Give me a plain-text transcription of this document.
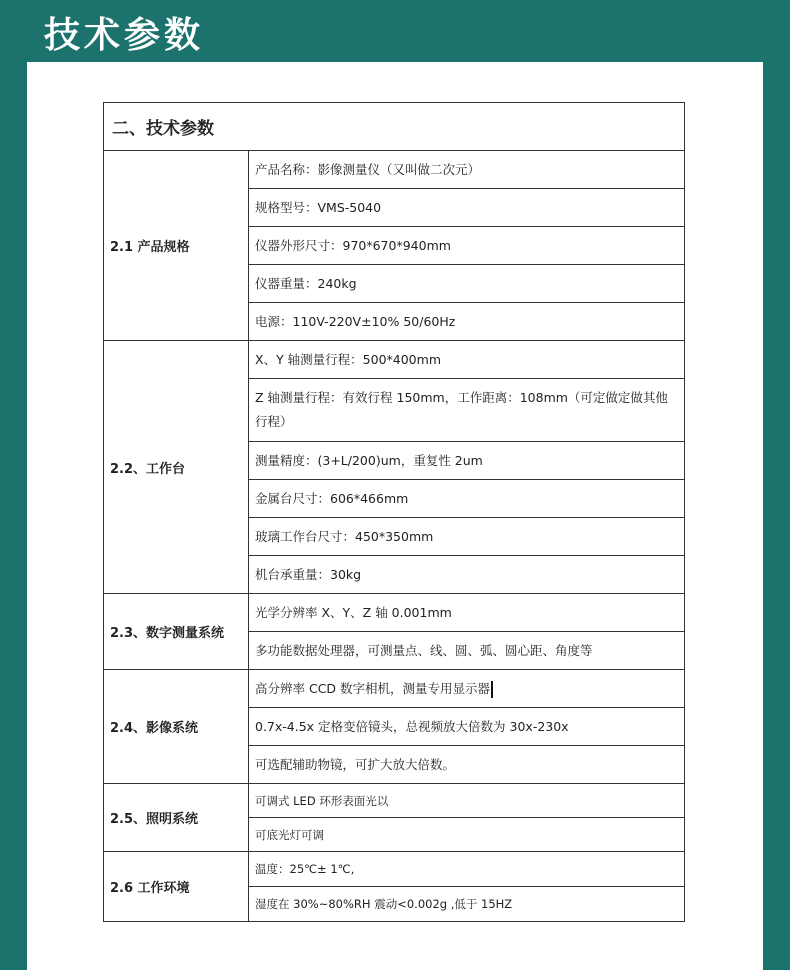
技术参数
二、技术参数	
2.1 产品规格	产品名称：影像测量仪（又叫做二次元）
	规格型号：VMS-5040
	仪器外形尺寸：970*670*940mm
	仪器重量：240kg
	电源：110V-220V±10% 50/60Hz
2.2、工作台	X、Y 轴测量行程：500*400mm
	Z 轴测量行程：有效行程 150mm，工作距离：108mm（可定做定做其他行程）
	测量精度：(3+L/200)um，重复性 2um
	金属台尺寸：606*466mm
	玻璃工作台尺寸：450*350mm
	机台承重量：30kg
2.3、数字测量系统	光学分辨率 X、Y、Z 轴 0.001mm
	多功能数据处理器，可测量点、线、圆、弧、圆心距、角度等
2.4、影像系统	高分辨率 CCD 数字相机，测量专用显示器
	0.7x-4.5x 定格变倍镜头，总视频放大倍数为 30x-230x
	可选配辅助物镜，可扩大放大倍数。
2.5、照明系统	可调式 LED 环形表面光以
	可底光灯可调
2.6 工作环境	温度：25℃± 1℃,
	湿度在 30%~80%RH 震动<0.002g ,低于 15HZ
